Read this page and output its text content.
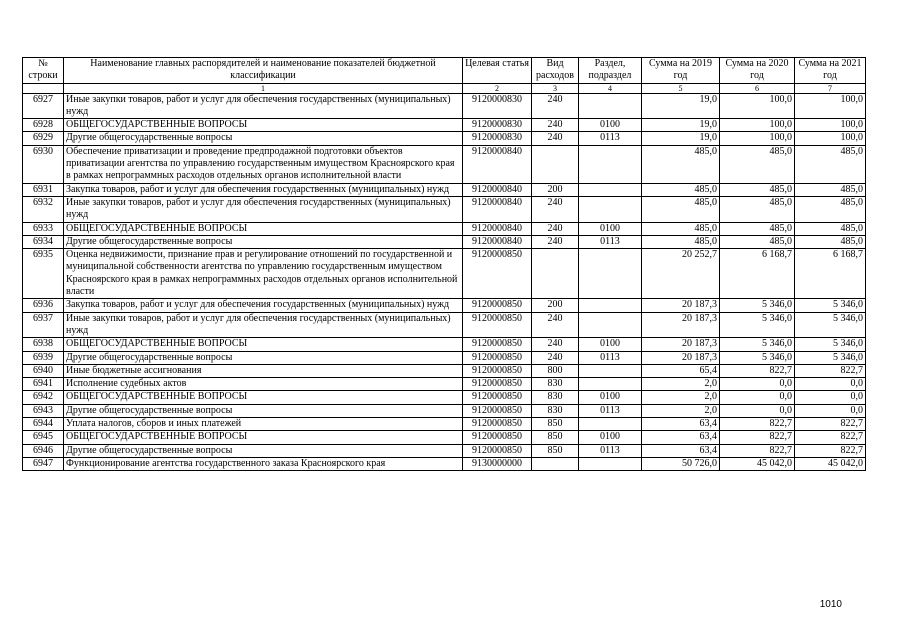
№ строки	Наименование главных распорядителей и наименование показателей бюджетной классификации	Целевая статья	Вид расходов	Раздел, подраздел	Сумма на 2019 год	Сумма на 2020 год	Сумма на 2021 год
	1	2	3	4	5	6	7
6927	Иные закупки товаров, работ и услуг для обеспечения государственных (муниципальных) нужд	9120000830	240		19,0	100,0	100,0
6928	ОБЩЕГОСУДАРСТВЕННЫЕ ВОПРОСЫ	9120000830	240	0100	19,0	100,0	100,0
6929	Другие общегосударственные вопросы	9120000830	240	0113	19,0	100,0	100,0
6930	Обеспечение приватизации и проведение предпродажной подготовки объектов приватизации агентства по управлению государственным имуществом Красноярского края в рамках непрограммных расходов отдельных органов исполнительной власти	9120000840			485,0	485,0	485,0
6931	Закупка товаров, работ и услуг для обеспечения государственных (муниципальных) нужд	9120000840	200		485,0	485,0	485,0
6932	Иные закупки товаров, работ и услуг для обеспечения государственных (муниципальных) нужд	9120000840	240		485,0	485,0	485,0
6933	ОБЩЕГОСУДАРСТВЕННЫЕ ВОПРОСЫ	9120000840	240	0100	485,0	485,0	485,0
6934	Другие общегосударственные вопросы	9120000840	240	0113	485,0	485,0	485,0
6935	Оценка недвижимости, признание прав и регулирование отношений по государственной и муниципальной собственности агентства по управлению государственным имуществом Красноярского края в рамках непрограммных расходов отдельных органов исполнительной власти	9120000850			20 252,7	6 168,7	6 168,7
6936	Закупка товаров, работ и услуг для обеспечения государственных (муниципальных) нужд	9120000850	200		20 187,3	5 346,0	5 346,0
6937	Иные закупки товаров, работ и услуг для обеспечения государственных (муниципальных) нужд	9120000850	240		20 187,3	5 346,0	5 346,0
6938	ОБЩЕГОСУДАРСТВЕННЫЕ ВОПРОСЫ	9120000850	240	0100	20 187,3	5 346,0	5 346,0
6939	Другие общегосударственные вопросы	9120000850	240	0113	20 187,3	5 346,0	5 346,0
6940	Иные бюджетные ассигнования	9120000850	800		65,4	822,7	822,7
6941	Исполнение судебных актов	9120000850	830		2,0	0,0	0,0
6942	ОБЩЕГОСУДАРСТВЕННЫЕ ВОПРОСЫ	9120000850	830	0100	2,0	0,0	0,0
6943	Другие общегосударственные вопросы	9120000850	830	0113	2,0	0,0	0,0
6944	Уплата налогов, сборов и иных платежей	9120000850	850		63,4	822,7	822,7
6945	ОБЩЕГОСУДАРСТВЕННЫЕ ВОПРОСЫ	9120000850	850	0100	63,4	822,7	822,7
6946	Другие общегосударственные вопросы	9120000850	850	0113	63,4	822,7	822,7
6947	Функционирование агентства государственного заказа Красноярского края	9130000000			50 726,0	45 042,0	45 042,0
1010
